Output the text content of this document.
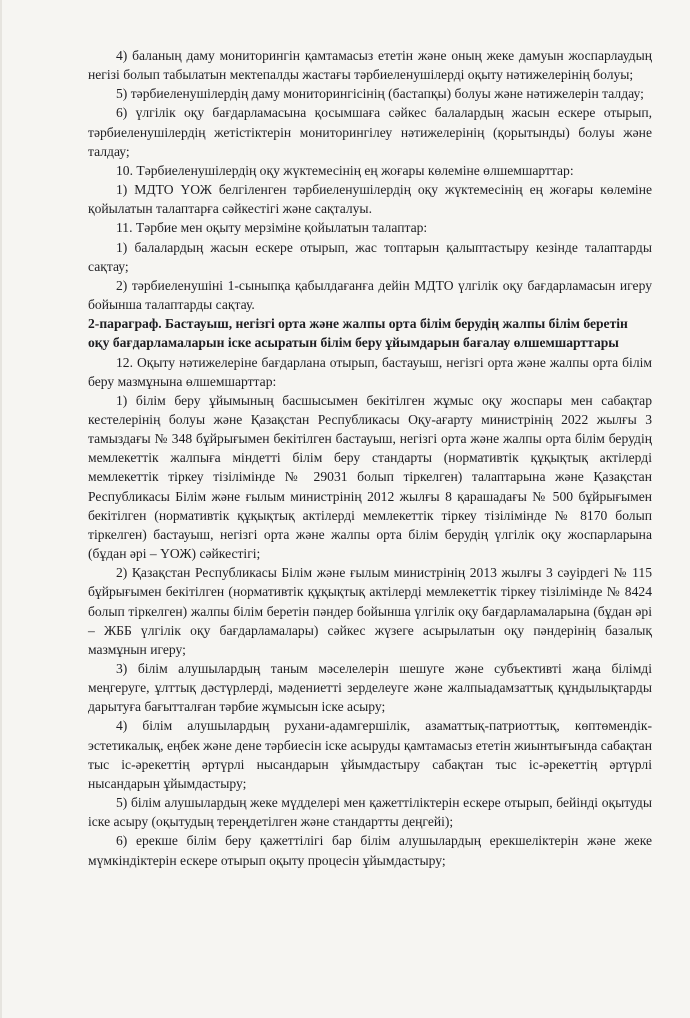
4) баланың даму мониторингін қамтамасыз ететін және оның жеке дамуын жоспарлаудың негізі болып табылатын мектепалды жастағы тәрбиеленушілерді оқыту нәтижелерінің болуы;

5) тәрбиеленушілердің даму мониторингісінің (бастапқы) болуы және нәтижелерін талдау;

6) үлгілік оқу бағдарламасына қосымшаға сәйкес балалардың жасын ескере отырып, тәрбиеленушілердің жетістіктерін мониторингілеу нәтижелерінің (қорытынды) болуы және талдау;

10. Тәрбиеленушілердің оқу жүктемесінің ең жоғары көлеміне өлшемшарттар:

1) МДТО ҮОЖ белгіленген тәрбиеленушілердің оқу жүктемесінің ең жоғары көлеміне қойылатын талаптарға сәйкестігі және сақталуы.

11. Тәрбие мен оқыту мерзіміне қойылатын талаптар:

1) балалардың жасын ескере отырып, жас топтарын қалыптастыру кезінде талаптарды сақтау;

2) тәрбиеленушіні 1-сыныпқа қабылдағанға дейін МДТО үлгілік оқу бағдарламасын игеру бойынша талаптарды сақтау.

2-параграф. Бастауыш, негізгі орта және жалпы орта білім берудің жалпы білім беретін оқу бағдарламаларын іске асыратын білім беру ұйымдарын бағалау өлшемшарттары

12. Оқыту нәтижелеріне бағдарлана отырып, бастауыш, негізгі орта және жалпы орта білім беру мазмұнына өлшемшарттар:

1) білім беру ұйымының басшысымен бекітілген жұмыс оқу жоспары мен сабақтар кестелерінің болуы және Қазақстан Республикасы Оқу-ағарту министрінің 2022 жылғы 3 тамыздағы № 348 бұйрығымен бекітілген бастауыш, негізгі орта және жалпы орта білім берудің мемлекеттік жалпыға міндетті білім беру стандарты (нормативтік құқықтық актілерді мемлекеттік тіркеу тізілімінде № 29031 болып тіркелген) талаптарына және Қазақстан Республикасы Білім және ғылым министрінің 2012 жылғы 8 қарашадағы № 500 бұйрығымен бекітілген (нормативтік құқықтық актілерді мемлекеттік тіркеу тізілімінде № 8170 болып тіркелген) бастауыш, негізгі орта және жалпы орта білім берудің үлгілік оқу жоспарларына (бұдан әрі – ҮОЖ) сәйкестігі;

2) Қазақстан Республикасы Білім және ғылым министрінің 2013 жылғы 3 сәуірдегі № 115 бұйрығымен бекітілген (нормативтік құқықтық актілерді мемлекеттік тіркеу тізілімінде № 8424 болып тіркелген) жалпы білім беретін пәндер бойынша үлгілік оқу бағдарламаларына (бұдан әрі – ЖББ үлгілік оқу бағдарламалары) сәйкес жүзеге асырылатын оқу пәндерінің базалық мазмұнын игеру;

3) білім алушылардың таным мәселелерін шешуге және субъективті жаңа білімді меңгеруге, ұлттық дәстүрлерді, мәдениетті зерделеуге және жалпыадамзаттық құндылықтарды дарытуға бағытталған тәрбие жұмысын іске асыру;

4) білім алушылардың рухани-адамгершілік, азаматтық-патриоттық, көптөмендік-эстетикалық, еңбек және дене тәрбиесін іске асыруды қамтамасыз ететін жиынтығында сабақтан тыс іс-әрекеттің әртүрлі нысандарын ұйымдастыру сабақтан тыс іс-әрекеттің әртүрлі нысандарын ұйымдастыру;

5) білім алушылардың жеке мүдделері мен қажеттіліктерін ескере отырып, бейінді оқытуды іске асыру (оқытудың тереңдетілген және стандартты деңгейі);

6) ерекше білім беру қажеттілігі бар білім алушылардың ерекшеліктерін және жеке мүмкіндіктерін ескере отырып оқыту процесін ұйымдастыру;
